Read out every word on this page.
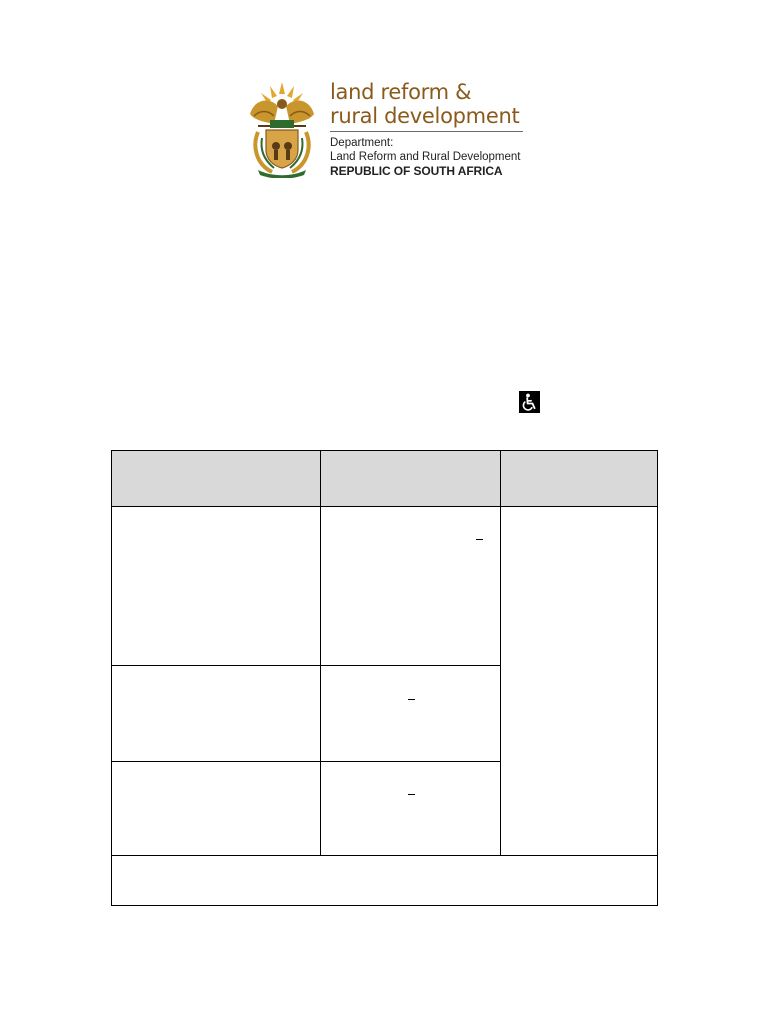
land reform &
rural development
Department:
Land Reform and Rural Development
REPUBLIC OF SOUTH AFRICA
